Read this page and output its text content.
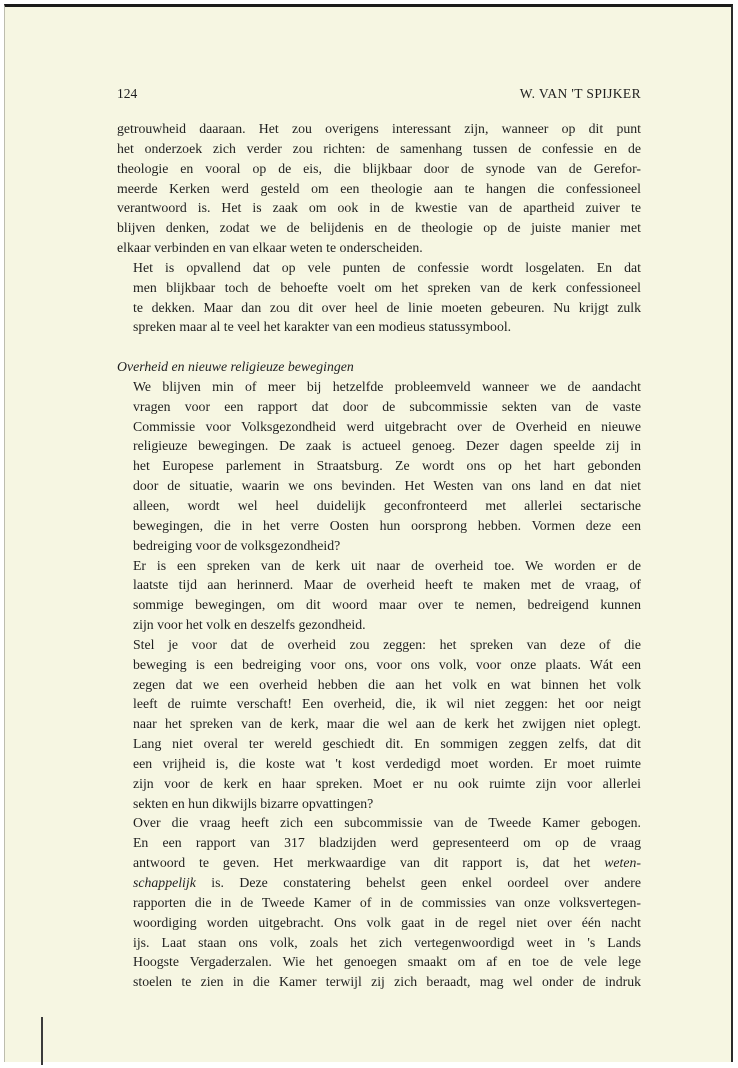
124	W. VAN 'T SPIJKER

getrouwheid daaraan. Het zou overigens interessant zijn, wanneer op dit punt
het onderzoek zich verder zou richten: de samenhang tussen de confessie en de
theologie en vooral op de eis, die blijkbaar door de synode van de Gerefor-
meerde Kerken werd gesteld om een theologie aan te hangen die confessioneel
verantwoord is. Het is zaak om ook in de kwestie van de apartheid zuiver te
blijven denken, zodat we de belijdenis en de theologie op de juiste manier met
elkaar verbinden en van elkaar weten te onderscheiden.

Het is opvallend dat op vele punten de confessie wordt losgelaten. En dat
men blijkbaar toch de behoefte voelt om het spreken van de kerk confessioneel
te dekken. Maar dan zou dit over heel de linie moeten gebeuren. Nu krijgt zulk
spreken maar al te veel het karakter van een modieus statussymbool.

Overheid en nieuwe religieuze bewegingen

We blijven min of meer bij hetzelfde probleemveld wanneer we de aandacht
vragen voor een rapport dat door de subcommissie sekten van de vaste
Commissie voor Volksgezondheid werd uitgebracht over de Overheid en nieuwe
religieuze bewegingen. De zaak is actueel genoeg. Dezer dagen speelde zij in
het Europese parlement in Straatsburg. Ze wordt ons op het hart gebonden
door de situatie, waarin we ons bevinden. Het Westen van ons land en dat niet
alleen, wordt wel heel duidelijk geconfronteerd met allerlei sectarische
bewegingen, die in het verre Oosten hun oorsprong hebben. Vormen deze een
bedreiging voor de volksgezondheid?

Er is een spreken van de kerk uit naar de overheid toe. We worden er de
laatste tijd aan herinnerd. Maar de overheid heeft te maken met de vraag, of
sommige bewegingen, om dit woord maar over te nemen, bedreigend kunnen
zijn voor het volk en deszelfs gezondheid.

Stel je voor dat de overheid zou zeggen: het spreken van deze of die
beweging is een bedreiging voor ons, voor ons volk, voor onze plaats. Wát een
zegen dat we een overheid hebben die aan het volk en wat binnen het volk
leeft de ruimte verschaft! Een overheid, die, ik wil niet zeggen: het oor neigt
naar het spreken van de kerk, maar die wel aan de kerk het zwijgen niet oplegt.
Lang niet overal ter wereld geschiedt dit. En sommigen zeggen zelfs, dat dit
een vrijheid is, die koste wat 't kost verdedigd moet worden. Er moet ruimte
zijn voor de kerk en haar spreken. Moet er nu ook ruimte zijn voor allerlei
sekten en hun dikwijls bizarre opvattingen?

Over die vraag heeft zich een subcommissie van de Tweede Kamer gebogen.
En een rapport van 317 bladzijden werd gepresenteerd om op de vraag
antwoord te geven. Het merkwaardige van dit rapport is, dat het weten-
schappelijk is. Deze constatering behelst geen enkel oordeel over andere
rapporten die in de Tweede Kamer of in de commissies van onze volksvertegen-
woordiging worden uitgebracht. Ons volk gaat in de regel niet over één nacht
ijs. Laat staan ons volk, zoals het zich vertegenwoordigd weet in 's Lands
Hoogste Vergaderzalen. Wie het genoegen smaakt om af en toe de vele lege
stoelen te zien in die Kamer terwijl zij zich beraadt, mag wel onder de indruk
